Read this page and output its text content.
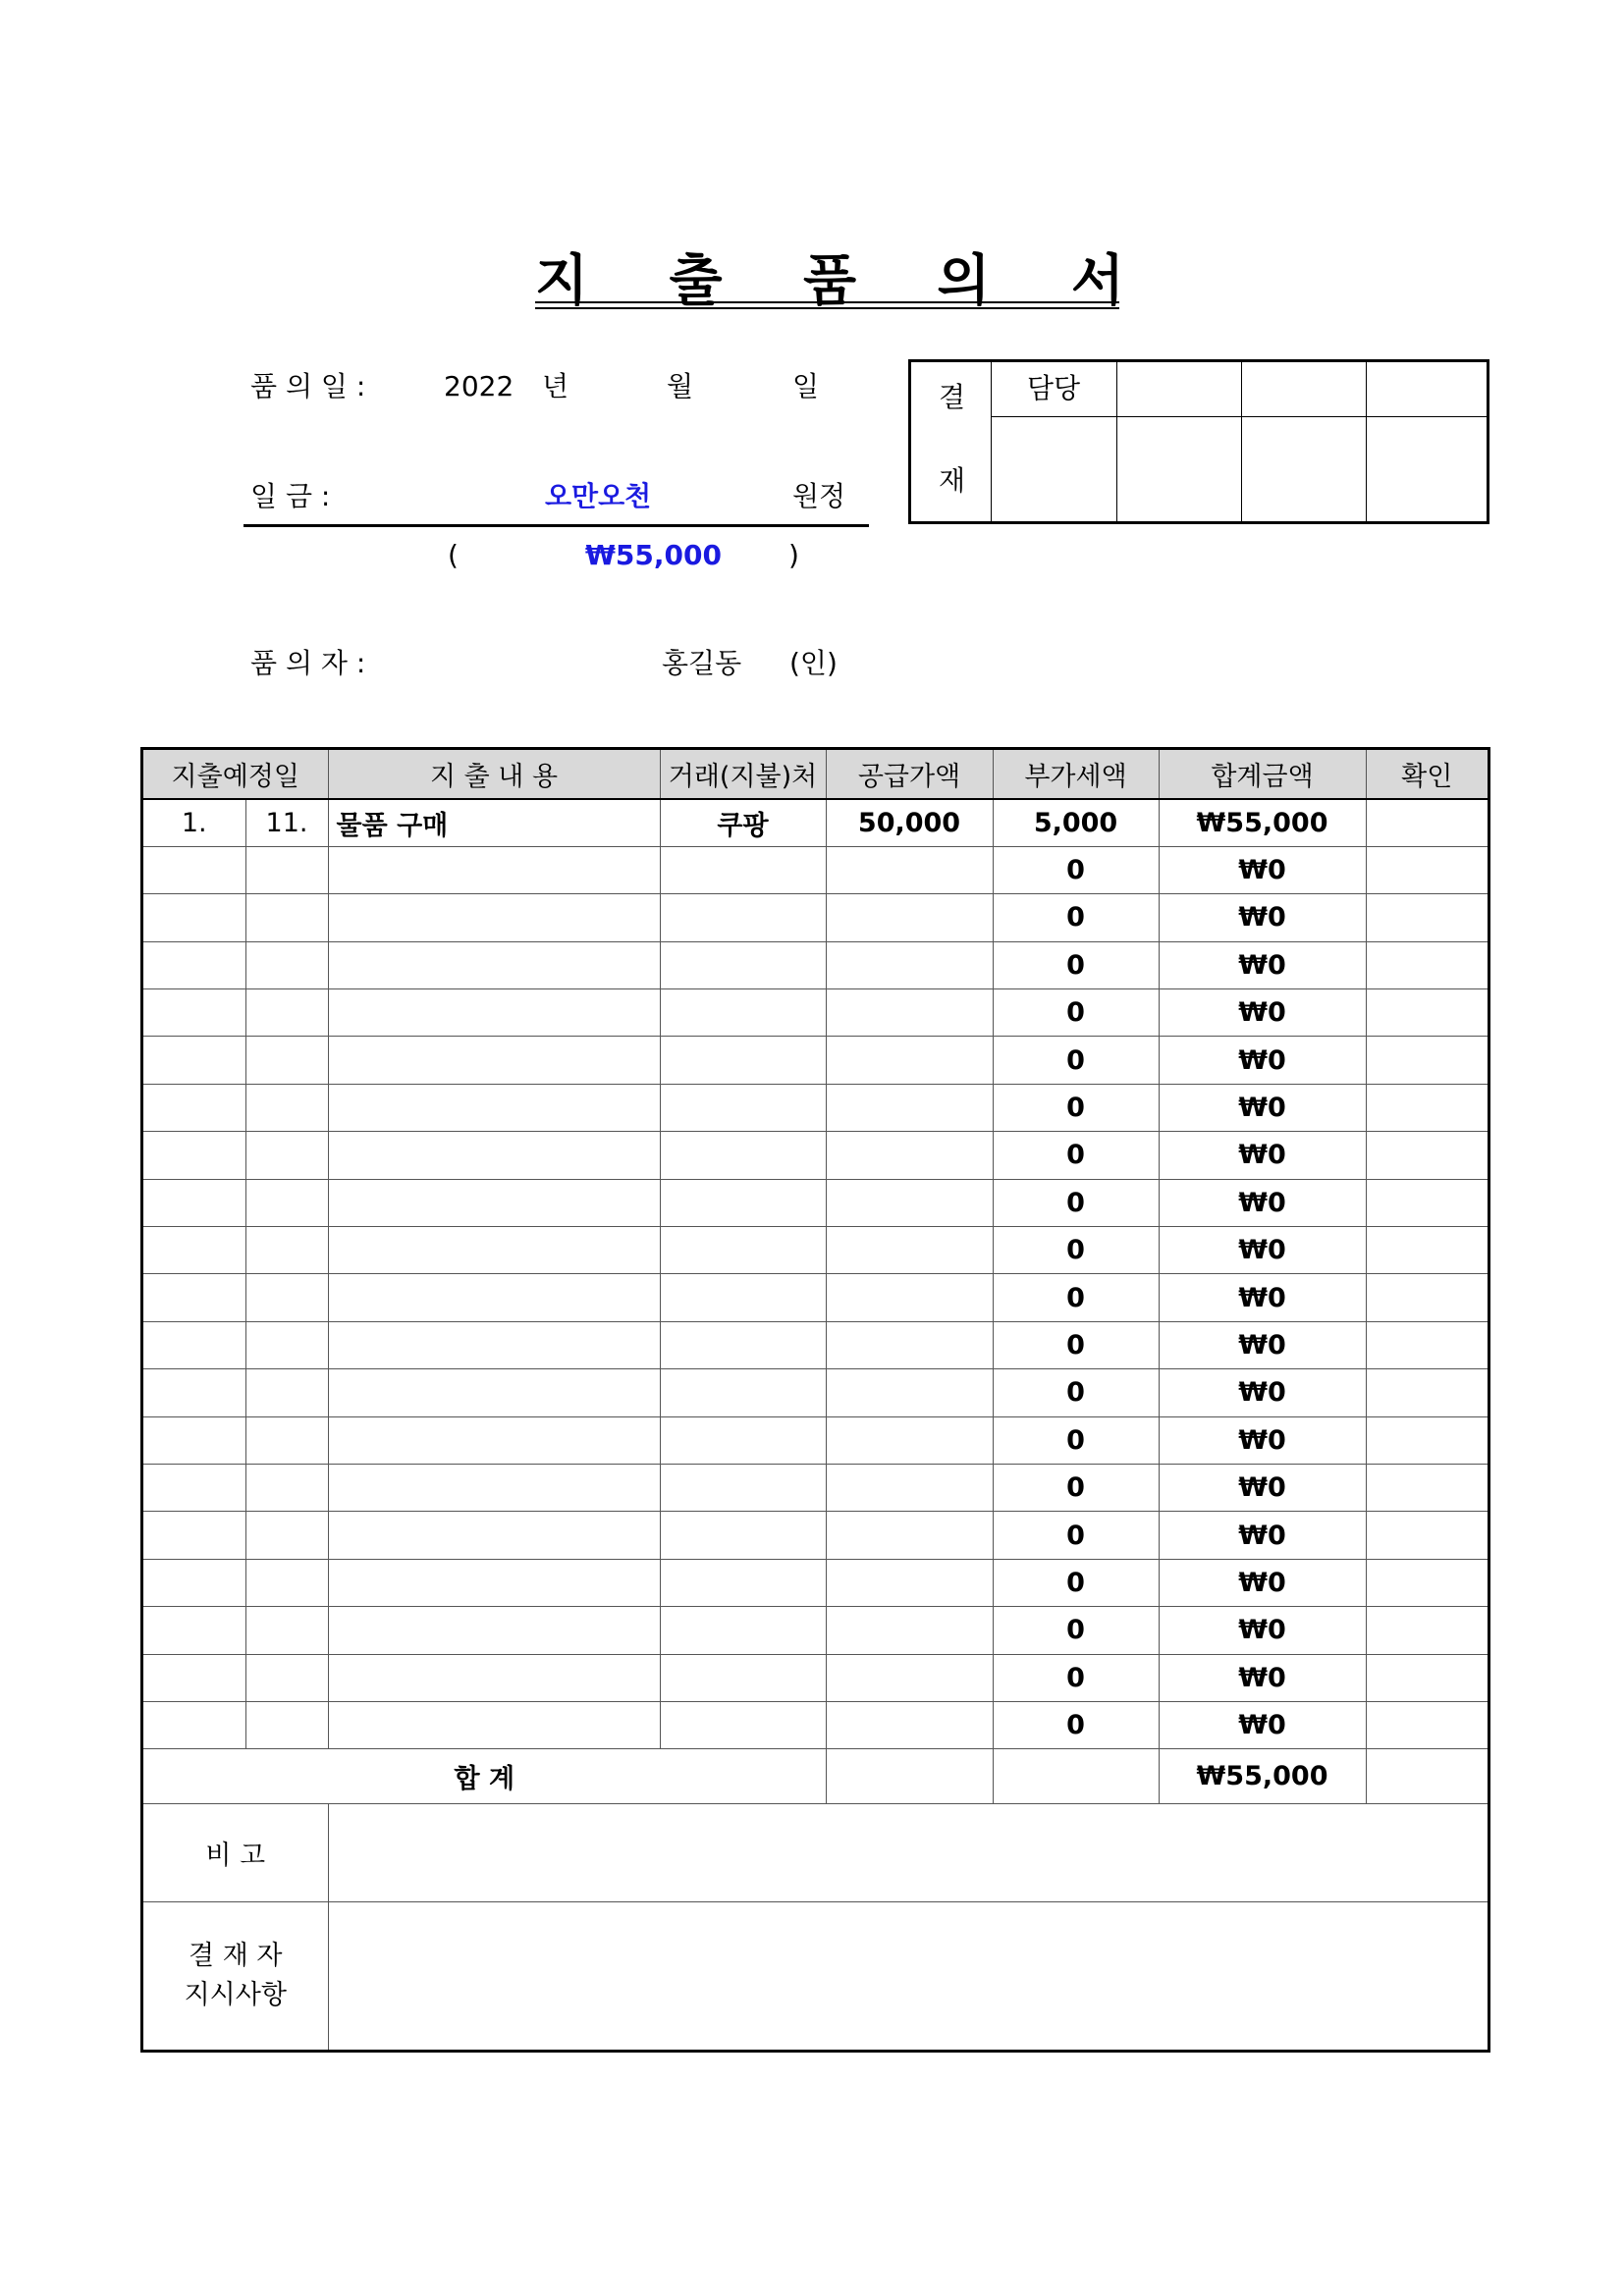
지 출 품 의 서
품 의 일 :	2022 년	월	일
일 금 :	오만오천	원정
(	₩55,000 )
품 의 자 :	홍길동 (인)
결
재
담당
지출예정일		지 출 내 용	거래(지불)처	공급가액	부가세액	합계금액	확인
1.	11.	물품 구매	쿠팡	50,000	5,000	₩55,000	
					0	₩0	
					0	₩0	
					0	₩0	
					0	₩0	
					0	₩0	
					0	₩0	
					0	₩0	
					0	₩0	
					0	₩0	
					0	₩0	
					0	₩0	
					0	₩0	
					0	₩0	
					0	₩0	
					0	₩0	
					0	₩0	
					0	₩0	
					0	₩0	
					0	₩0	
합 계						₩55,000	
비 고							

결 재 자
지시사항							
